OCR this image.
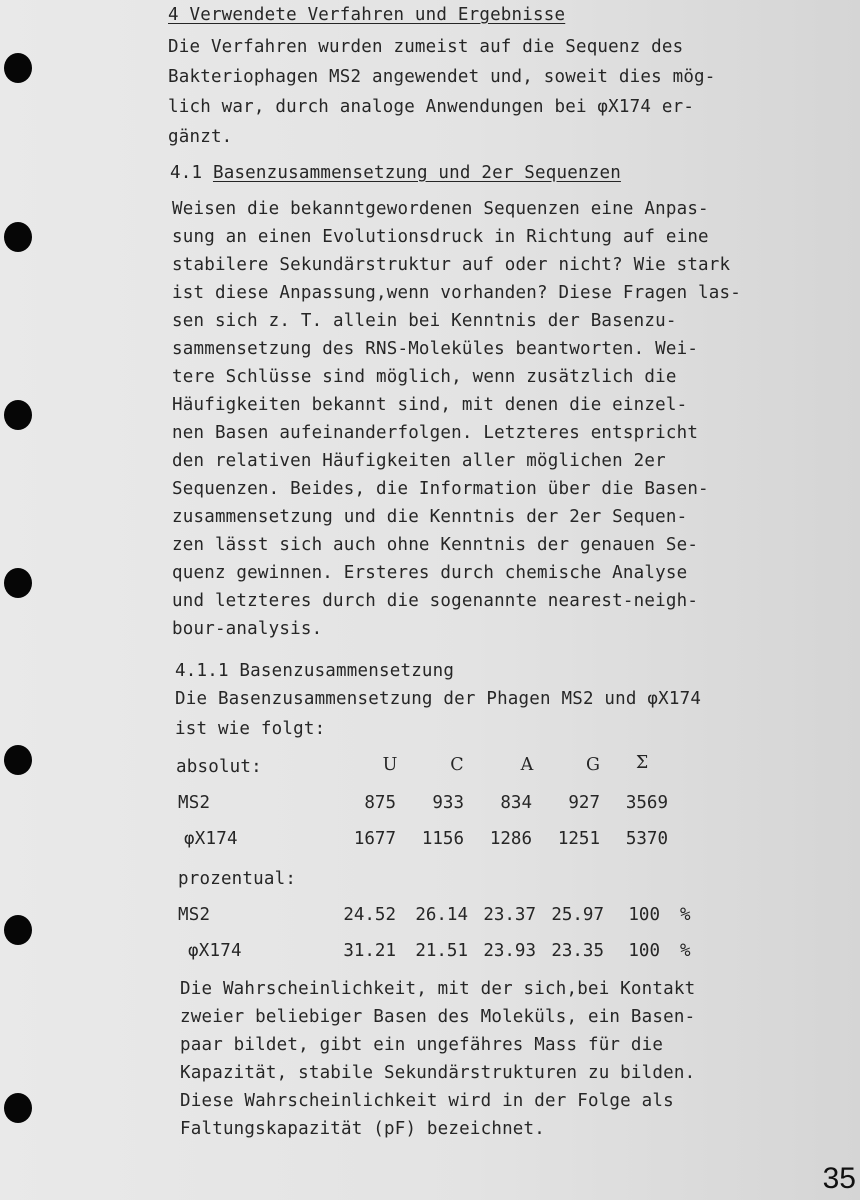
4 Verwendete Verfahren und Ergebnisse
Die Verfahren wurden zumeist auf die Sequenz des
Bakteriophagen MS2 angewendet und, soweit dies mög-
lich war, durch analoge Anwendungen bei φX174 er-
gänzt.
4.1 Basenzusammensetzung und 2er Sequenzen
Weisen die bekanntgewordenen Sequenzen eine Anpas-
sung an einen Evolutionsdruck in Richtung auf eine
stabilere Sekundärstruktur auf oder nicht? Wie stark
ist diese Anpassung,wenn vorhanden? Diese Fragen las-
sen sich z. T. allein bei Kenntnis der Basenzu-
sammensetzung des RNS-Moleküles beantworten. Wei-
tere Schlüsse sind möglich, wenn zusätzlich die
Häufigkeiten bekannt sind, mit denen die einzel-
nen Basen aufeinanderfolgen. Letzteres entspricht
den relativen Häufigkeiten aller möglichen 2er
Sequenzen. Beides, die Information über die Basen-
zusammensetzung und die Kenntnis der 2er Sequen-
zen lässt sich auch ohne Kenntnis der genauen Se-
quenz gewinnen. Ersteres durch chemische Analyse
und letzteres durch die sogenannte nearest-neigh-
bour-analysis.
4.1.1 Basenzusammensetzung
Die Basenzusammensetzung der Phagen MS2 und φX174
ist wie folgt:
absolut:	U	C	A	G	Σ
MS2	875	933	834	927	3569
φX174	1677	1156	1286	1251	5370
prozentual:
MS2	24.52	26.14 23.37 25.97	100 %
φX174	31.21	21.51 23.93 23.35	100 %
Die Wahrscheinlichkeit, mit der sich,bei Kontakt
zweier beliebiger Basen des Moleküls, ein Basen-
paar bildet, gibt ein ungefähres Mass für die
Kapazität, stabile Sekundärstrukturen zu bilden.
Diese Wahrscheinlichkeit wird in der Folge als
Faltungskapazität (pF) bezeichnet.
35
